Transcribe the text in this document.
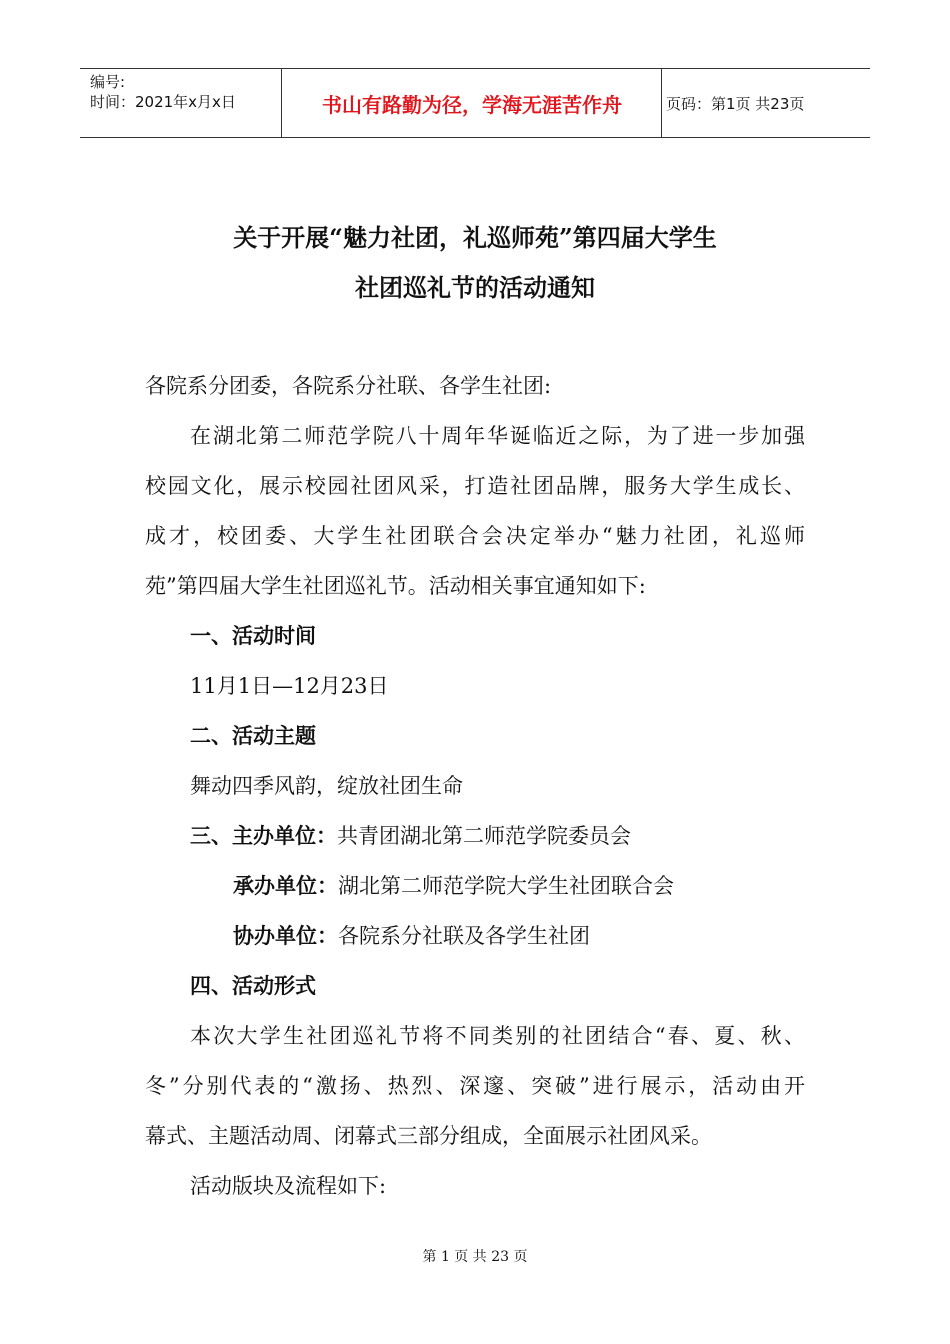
编号:
时间：2021年x月x日	书山有路勤为径，学海无涯苦作舟	页码：第1页 共23页
关于开展“魅力社团，礼巡师苑”第四届大学生
社团巡礼节的活动通知
各院系分团委，各院系分社联、各学生社团:
在湖北第二师范学院八十周年华诞临近之际，为了进一步加强
校园文化，展示校园社团风采，打造社团品牌，服务大学生成长、
成才，校团委、大学生社团联合会决定举办“魅力社团，礼巡师
苑”第四届大学生社团巡礼节。活动相关事宜通知如下:
一、活动时间
11月1日—12月23日
二、活动主题
舞动四季风韵，绽放社团生命
三、主办单位：共青团湖北第二师范学院委员会
承办单位：湖北第二师范学院大学生社团联合会
协办单位：各院系分社联及各学生社团
四、活动形式
本次大学生社团巡礼节将不同类别的社团结合“春、夏、秋、
冬”分别代表的“激扬、热烈、深邃、突破”进行展示，活动由开
幕式、主题活动周、闭幕式三部分组成，全面展示社团风采。
活动版块及流程如下:
第 1 页 共 23 页
